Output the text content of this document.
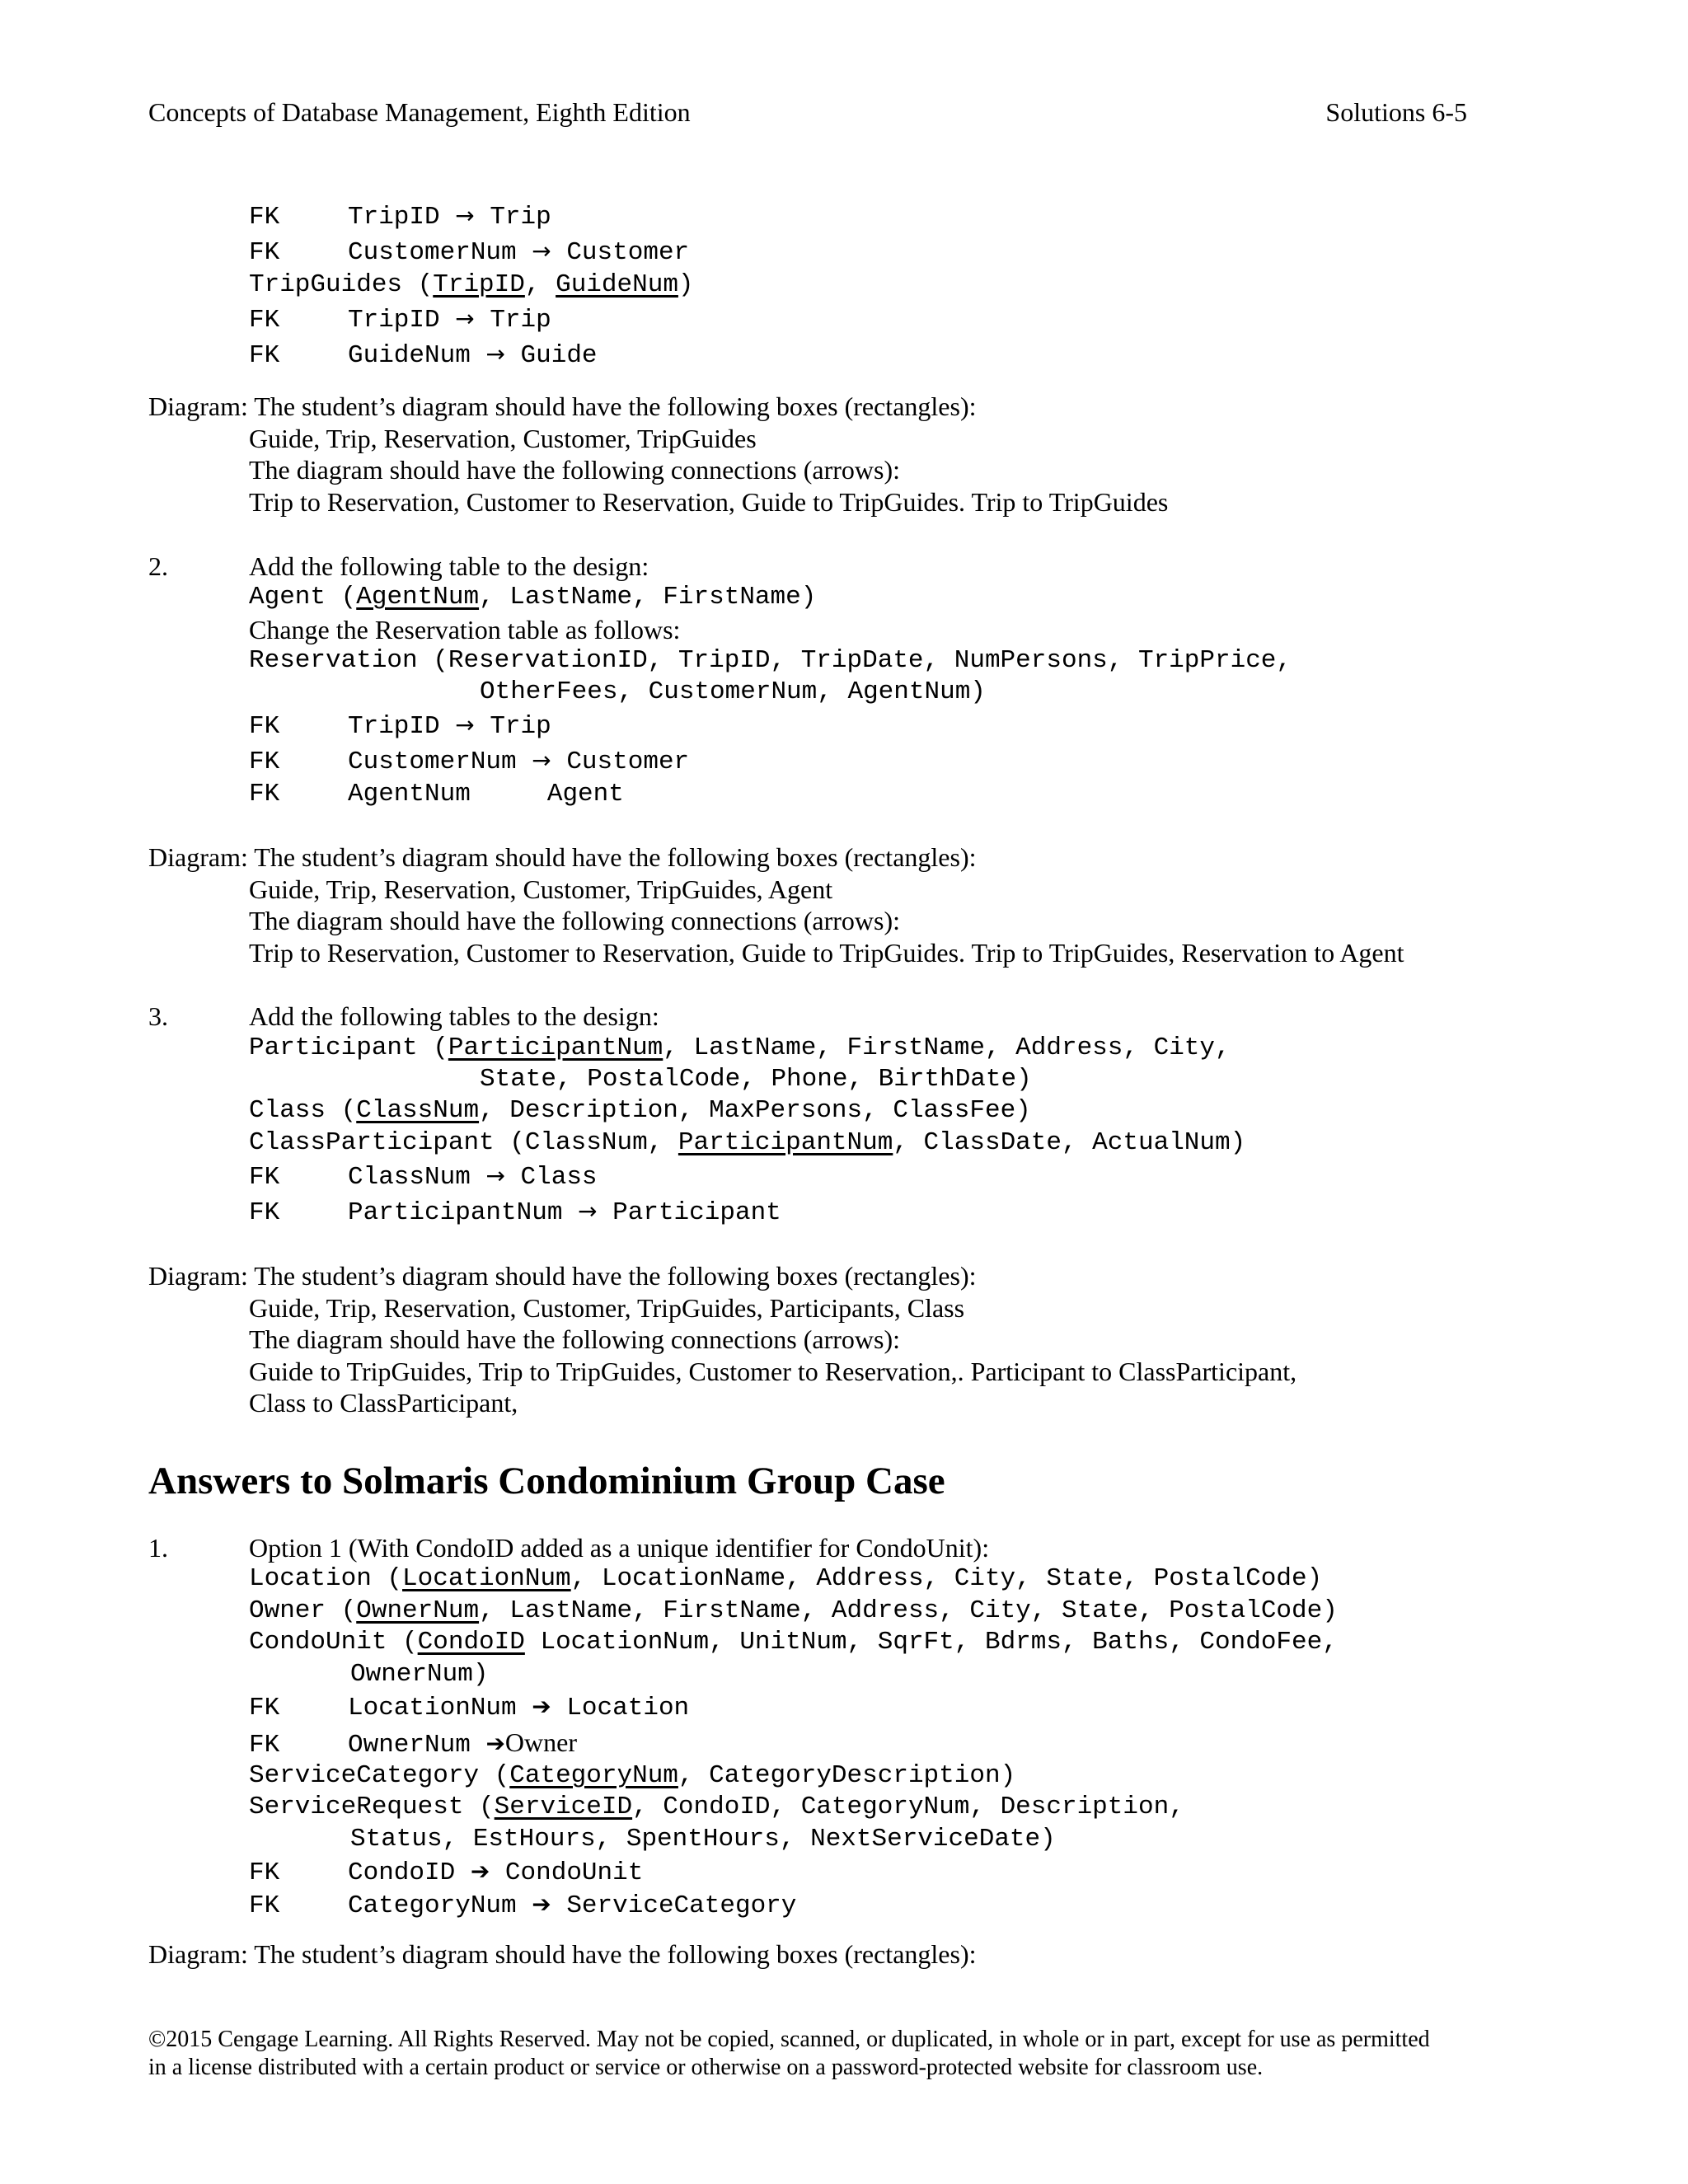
Concepts of Database Management, Eighth Edition	Solutions 6-5
FK	TripID → Trip
FK	CustomerNum → Customer
TripGuides (TripID, GuideNum)
FK	TripID → Trip
FK	GuideNum → Guide
Diagram: The student’s diagram should have the following boxes (rectangles):
Guide, Trip, Reservation, Customer, TripGuides
The diagram should have the following connections (arrows):
Trip to Reservation, Customer to Reservation, Guide to TripGuides. Trip to TripGuides
2.	Add the following table to the design:
Agent (AgentNum, LastName, FirstName)
Change the Reservation table as follows:
Reservation (ReservationID, TripID, TripDate, NumPersons, TripPrice,
OtherFees, CustomerNum, AgentNum)
FK	TripID → Trip
FK	CustomerNum → Customer
FK	AgentNum	Agent
Diagram: The student’s diagram should have the following boxes (rectangles):
Guide, Trip, Reservation, Customer, TripGuides, Agent
The diagram should have the following connections (arrows):
Trip to Reservation, Customer to Reservation, Guide to TripGuides. Trip to TripGuides, Reservation to Agent
3.	Add the following tables to the design:
Participant (ParticipantNum, LastName, FirstName, Address, City,
State, PostalCode, Phone, BirthDate)
Class (ClassNum, Description, MaxPersons, ClassFee)
ClassParticipant (ClassNum, ParticipantNum, ClassDate, ActualNum)
FK	ClassNum → Class
FK	ParticipantNum → Participant
Diagram: The student’s diagram should have the following boxes (rectangles):
Guide, Trip, Reservation, Customer, TripGuides, Participants, Class
The diagram should have the following connections (arrows):
Guide to TripGuides, Trip to TripGuides, Customer to Reservation,. Participant to ClassParticipant,
Class to ClassParticipant,
Answers to Solmaris Condominium Group Case
1.	Option 1 (With CondoID added as a unique identifier for CondoUnit):
Location (LocationNum, LocationName, Address, City, State, PostalCode)
Owner (OwnerNum, LastName, FirstName, Address, City, State, PostalCode)
CondoUnit (CondoID LocationNum, UnitNum, SqrFt, Bdrms, Baths, CondoFee,
OwnerNum)
FK	LocationNum ➔ Location
FK	OwnerNum ➔Owner
ServiceCategory (CategoryNum, CategoryDescription)
ServiceRequest (ServiceID, CondoID, CategoryNum, Description,
Status, EstHours, SpentHours, NextServiceDate)
FK	CondoID ➔ CondoUnit
FK	CategoryNum ➔ ServiceCategory
Diagram: The student’s diagram should have the following boxes (rectangles):
©2015 Cengage Learning. All Rights Reserved. May not be copied, scanned, or duplicated, in whole or in part, except for use as permitted
in a license distributed with a certain product or service or otherwise on a password-protected website for classroom use.
